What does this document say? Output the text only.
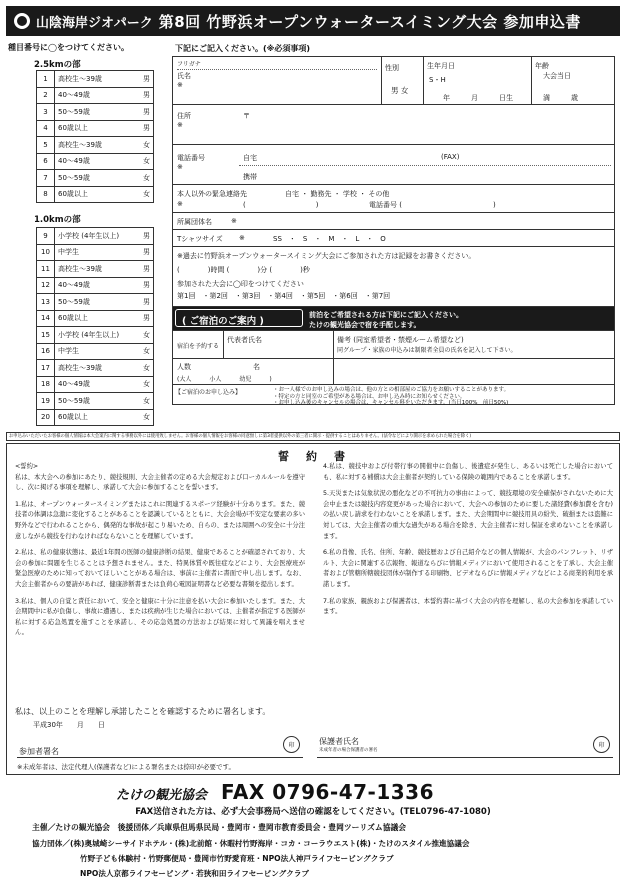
山陰海岸ジオパーク 第8回 竹野浜オープンウォータースイミング大会 参加申込書
種目番号に◯をつけてください。
2.5kmの部
1	高校生〜39歳	男
2	40〜49歳	男
3	50〜59歳	男
4	60歳以上	男
5	高校生〜39歳	女
6	40〜49歳	女
7	50〜59歳	女
8	60歳以上	女
1.0kmの部
9	小学校 (4年生以上)	男
10	中学生	男
11	高校生〜39歳	男
12	40〜49歳	男
13	50〜59歳	男
14	60歳以上	男
15	小学校 (4年生以上)	女
16	中学生	女
17	高校生〜39歳	女
18	40〜49歳	女
19	50〜59歳	女
20	60歳以上	女
下記にご記入ください。(※必須事項)
フリガナ
氏名
※
性別
男 女
生年月日
S・H
年　　　月　　　日生
年齢
大会当日
満　　　歳
住所	〒
※
電話番号
※
自宅	(FAX)
携帯
本人以外の緊急連絡先	自宅 ・ 勤務先 ・ 学校 ・ その他
※	(　　　　　　　　　　)	電話番号 (　　　　　　　　　　　　　)
所属団体名	※
Tシャツサイズ ※	SS　・　S　・　M　・　L　・　O
※過去に竹野浜オープンウォータースイミング大会にご参加された方は記録をお書きください。
(　　　　)時間 (　　　　)分 (　　　　)秒
参加された大会に◯印をつけてください
第1回　・第2回　・第3回　・第4回　・第5回　・第6回　・第7回
( ご宿泊のご案内 )
前泊をご希望される方は下記にご記入ください。
たけの観光協会で宿を手配します。
宿泊を予約する
代表者氏名	備考 (同室希望者・禁煙ルーム希望など)
同グループ・家族の申込みは制限者全員の氏名を記入して下さい。
人数	名
(大人　　　小人　　　幼児　　　)
【ご宿泊のお申し込み】	・お一人様でのお申し込みの場合は、他の方との相部屋のご協力をお願いすることがあります。
・特定の方と同室のご希望がある場合は、お申し込み時にお知らせください。
・お申し込み後のキャンセルの場合は、キャンセル料をいただきます。(当日100%　前日50%)
お申込みいただいたお客様の個人情報は本大会案内に関する事務以外には使用致しません。お客様の個人情報をお客様の同意無しに第3者提供以外の第三者に開示・提供することはありません。(法令などにより開示を求められた場合を除く)
誓　約　書

<誓約>

私は、本大会への参加にあたり、競技規則、大会主催者の定める大会規定および口ーカルルールを遵守し、次に掲げる事項を理解し、承諾して大会に参加することを誓います。

1.私は、オープンウォータースイミングまたはこれに関連するスポーツ経験が十分あります。また、競技者の体調は急激に変化することがあることを認識しているとともに、大会会場が不安定な要素の多い野外などで行われることから、偶発的な事故が起こり易いため、自らの、または周囲への安全に十分注意しながら競技を行わなければならないことを理解しています。

2.私は、私の健康状態は、最近1年間の医師の健康診断の結果、健康であることが確認されており、大会の参加に問題を生じることは予想されません。また、特異体質や既往症などにより、大会医療班が緊急医療のために知っておいてほしいことがある場合は、事前に主催者に書面で申し出します。なお、大会主催者からの要請があれば、健康診断書または負荷心電図証明書など必要な書類を提出します。

3.私は、個人の自覚と責任において、安全と健康に十分に注意を払い大会に参加いたします。また、大会期間中に私が負傷し、事故に遭遇し、または疾病が生じた場合においては、主催者が指定する医師が私に対する応急処置を施すことを承諾し、その応急処置の方法および結果に対して異議を唱えません。

4.私は、競技中および付帯行事の開催中に負傷し、後遺症が発生し、あるいは死亡した場合においても、私に対する補償は大会主催者が契約している保険の範囲内であることを承諾します。

5.天災または気象状況の悪化などの不可抗力の事由によって、競技環境の安全確保がされないために大会中止または競技内容変更があった場合において、大会への参加のために要した諸経費(参加費を含む)の払い戻し請求を行わないことを承諾します。また、大会期間中に競技用具の紛失、破損または盗難に対しては、大会主催者の重大な過失がある場合を除き、大会主催者に対し保証を求めないことを承諾します。

6.私の肖像、氏名、住所、年齢、競技歴および自己紹介などの個人情報が、大会のパンフレット、リザルト、大会に関連する広報物、報道ならびに情報メディアにおいて使用されることを了承し、大会主催者および管轄所轄競技団体が制作する印刷物、ビデオならびに情報メディアなどによる商業的利用を承諾します。

7.私の家族、親族および保護者は、本誓約書に基づく大会の内容を理解し、私の大会参加を承諾しています。

私は、以上のことを理解し承諾したことを確認するために署名します。
平成30年　　月　　日
参加者署名
印
※未成年者は、法定代理人(保護者など)による署名または捺印が必要です。
保護者氏名
未成年者の場合保護者の署名
印
たけの観光協会 FAX 0796-47-1336
FAX送信された方は、必ず大会事務局へ送信の確認をしてください。(TEL0796-47-1080)
主催／たけの観光協会　後援団体／兵庫県但馬県民局・豊岡市・豊岡市教育委員会・豊岡ツーリズム協議会
協力団体／(株)奥城崎シーサイドホテル・(株)北前館・休暇村竹野海岸・コカ・コーラウエスト(株)・たけのスタイル推進協議会
竹野子ども体験村・竹野郵便局・豊岡市竹野愛育班・NPO法人神戸ライフセービングクラブ
NPO法人京都ライフセービング・若狭和田ライフセービングクラブ
